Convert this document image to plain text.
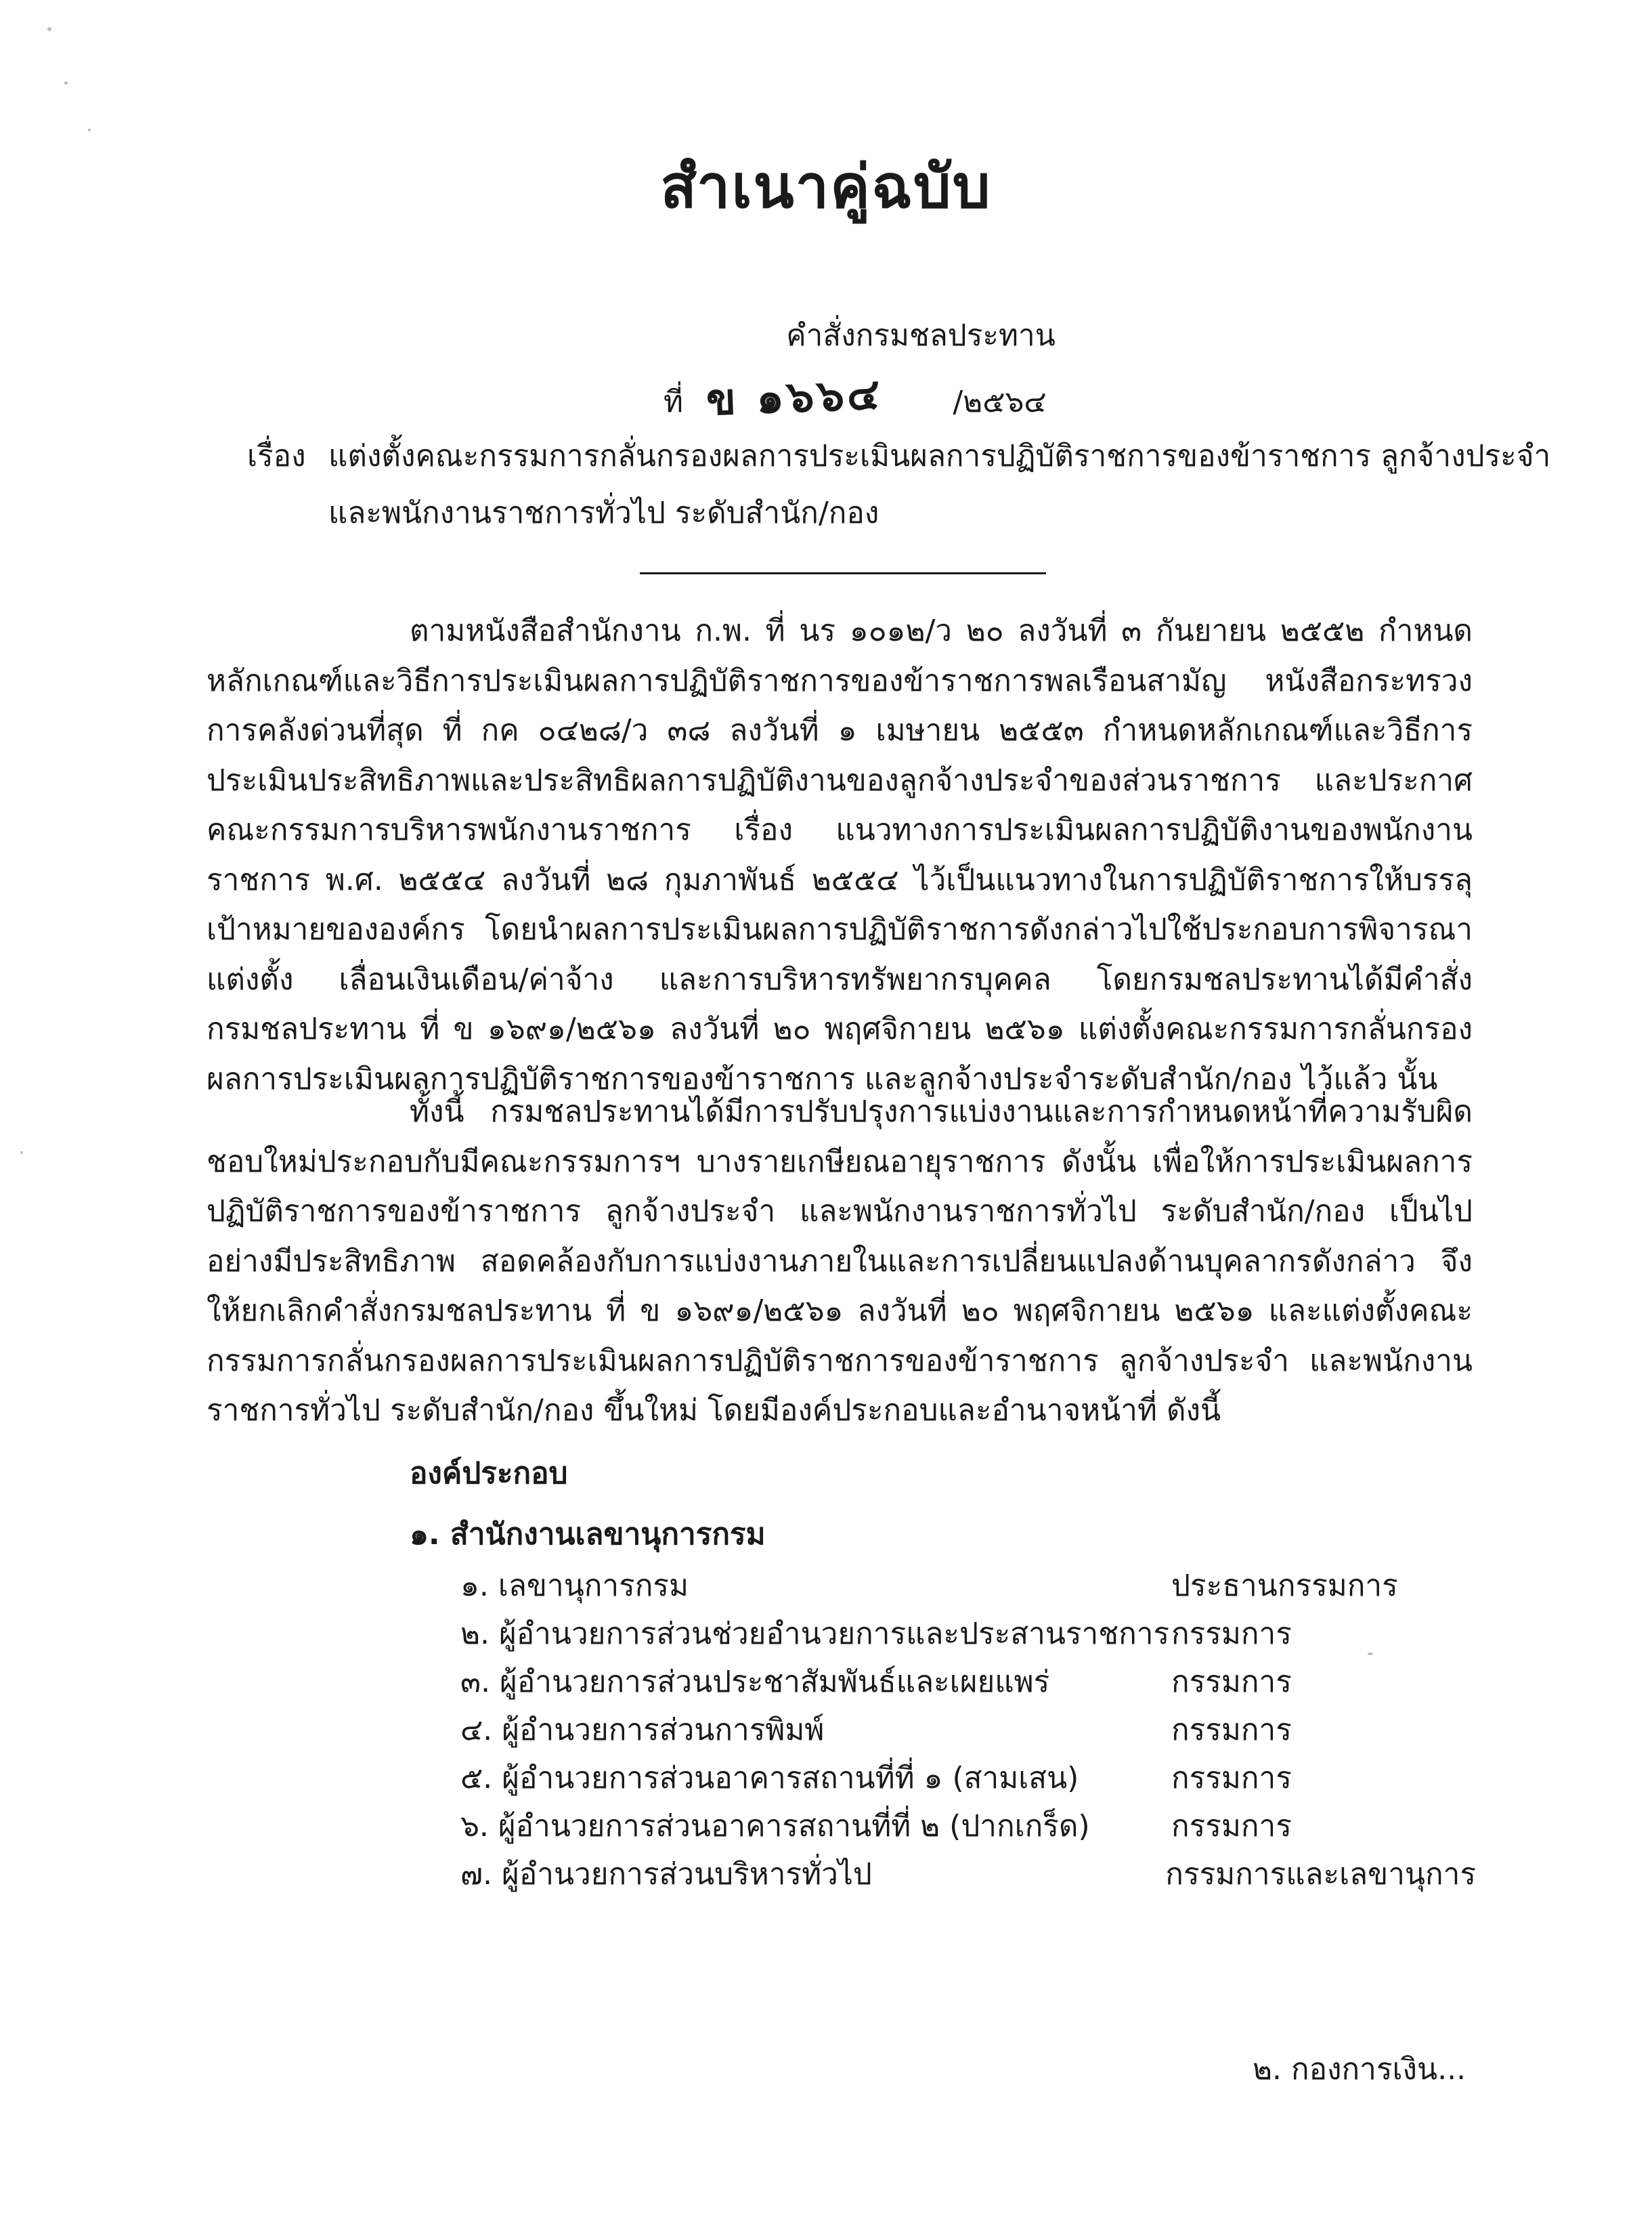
สำเนาคู่ฉบับ
คำสั่งกรมชลประทาน
ที่ ข ๑๖๖๔ /๒๕๖๔
เรื่อง แต่งตั้งคณะกรรมการกลั่นกรองผลการประเมินผลการปฏิบัติราชการของข้าราชการ ลูกจ้างประจำ
และพนักงานราชการทั่วไป ระดับสำนัก/กอง
ตามหนังสือสำนักงาน ก.พ. ที่ นร ๑๐๑๒/ว ๒๐ ลงวันที่ ๓ กันยายน ๒๕๕๒ กำหนดหลักเกณฑ์และวิธีการประเมินผลการปฏิบัติราชการของข้าราชการพลเรือนสามัญ หนังสือกระทรวงการคลังด่วนที่สุด ที่ กค ๐๔๒๘/ว ๓๘ ลงวันที่ ๑ เมษายน ๒๕๕๓ กำหนดหลักเกณฑ์และวิธีการประเมินประสิทธิภาพและประสิทธิผลการปฏิบัติงานของลูกจ้างประจำของส่วนราชการ และประกาศคณะกรรมการบริหารพนักงานราชการ เรื่อง แนวทางการประเมินผลการปฏิบัติงานของพนักงานราชการ พ.ศ. ๒๕๕๔ ลงวันที่ ๒๘ กุมภาพันธ์ ๒๕๕๔ ไว้เป็นแนวทางในการปฏิบัติราชการให้บรรลุเป้าหมายขององค์กร โดยนำผลการประเมินผลการปฏิบัติราชการดังกล่าวไปใช้ประกอบการพิจารณาแต่งตั้ง เลื่อนเงินเดือน/ค่าจ้าง และการบริหารทรัพยากรบุคคล โดยกรมชลประทานได้มีคำสั่งกรมชลประทาน ที่ ข ๑๖๙๑/๒๕๖๑ ลงวันที่ ๒๐ พฤศจิกายน ๒๕๖๑ แต่งตั้งคณะกรรมการกลั่นกรองผลการประเมินผลการปฏิบัติราชการของข้าราชการ และลูกจ้างประจำระดับสำนัก/กอง ไว้แล้ว นั้น
ทั้งนี้ กรมชลประทานได้มีการปรับปรุงการแบ่งงานและการกำหนดหน้าที่ความรับผิดชอบใหม่ประกอบกับมีคณะกรรมการฯ บางรายเกษียณอายุราชการ ดังนั้น เพื่อให้การประเมินผลการปฏิบัติราชการของข้าราชการ ลูกจ้างประจำ และพนักงานราชการทั่วไป ระดับสำนัก/กอง เป็นไปอย่างมีประสิทธิภาพ สอดคล้องกับการแบ่งงานภายในและการเปลี่ยนแปลงด้านบุคลากรดังกล่าว จึงให้ยกเลิกคำสั่งกรมชลประทาน ที่ ข ๑๖๙๑/๒๕๖๑ ลงวันที่ ๒๐ พฤศจิกายน ๒๕๖๑ และแต่งตั้งคณะกรรมการกลั่นกรองผลการประเมินผลการปฏิบัติราชการของข้าราชการ ลูกจ้างประจำ และพนักงานราชการทั่วไป ระดับสำนัก/กอง ขึ้นใหม่ โดยมีองค์ประกอบและอำนาจหน้าที่ ดังนี้
องค์ประกอบ
๑. สำนักงานเลขานุการกรม
๑. เลขานุการกรม	ประธานกรรมการ
๒. ผู้อำนวยการส่วนช่วยอำนวยการและประสานราชการ กรรมการ
๓. ผู้อำนวยการส่วนประชาสัมพันธ์และเผยแพร่	กรรมการ
๔. ผู้อำนวยการส่วนการพิมพ์	กรรมการ
๕. ผู้อำนวยการส่วนอาคารสถานที่ที่ ๑ (สามเสน)	กรรมการ
๖. ผู้อำนวยการส่วนอาคารสถานที่ที่ ๒ (ปากเกร็ด)	กรรมการ
๗. ผู้อำนวยการส่วนบริหารทั่วไป	กรรมการและเลขานุการ
๒. กองการเงิน...
